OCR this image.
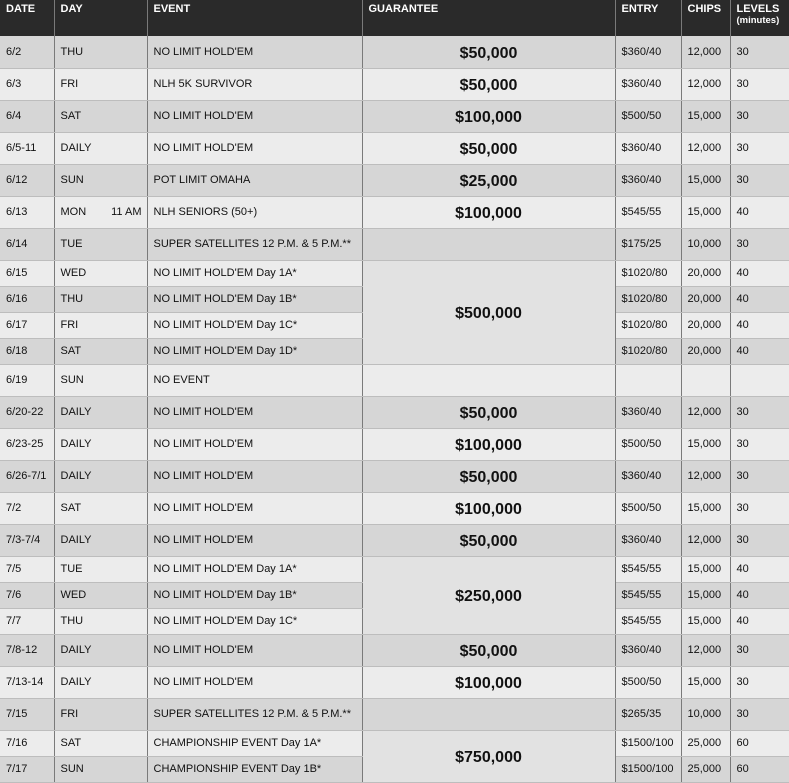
DATE	DAY	EVENT	GUARANTEE	ENTRY	CHIPS	LEVELS
(minutes)
6/2	THU	NO LIMIT HOLD'EM	$50,000	$360/40	12,000	30
6/3	FRI	NLH 5K SURVIVOR	$50,000	$360/40	12,000	30
6/4	SAT	NO LIMIT HOLD'EM	$100,000	$500/50	15,000	30
6/5-11	DAILY	NO LIMIT HOLD'EM	$50,000	$360/40	12,000	30
6/12	SUN	POT LIMIT OMAHA	$25,000	$360/40	15,000	30
6/13	MON 11 AM	NLH SENIORS (50+)	$100,000	$545/55	15,000	40
6/14	TUE	SUPER SATELLITES 12 P.M. & 5 P.M.**		$175/25	10,000	30
6/15	WED	NO LIMIT HOLD'EM Day 1A*	$500,000	$1020/80	20,000	40
6/16	THU	NO LIMIT HOLD'EM Day 1B*		$1020/80	20,000	40
6/17	FRI	NO LIMIT HOLD'EM Day 1C*		$1020/80	20,000	40
6/18	SAT	NO LIMIT HOLD'EM Day 1D*		$1020/80	20,000	40
6/19	SUN	NO EVENT				
6/20-22	DAILY	NO LIMIT HOLD'EM	$50,000	$360/40	12,000	30
6/23-25	DAILY	NO LIMIT HOLD'EM	$100,000	$500/50	15,000	30
6/26-7/1	DAILY	NO LIMIT HOLD'EM	$50,000	$360/40	12,000	30
7/2	SAT	NO LIMIT HOLD'EM	$100,000	$500/50	15,000	30
7/3-7/4	DAILY	NO LIMIT HOLD'EM	$50,000	$360/40	12,000	30
7/5	TUE	NO LIMIT HOLD'EM Day 1A*	$250,000	$545/55	15,000	40
7/6	WED	NO LIMIT HOLD'EM Day 1B*		$545/55	15,000	40
7/7	THU	NO LIMIT HOLD'EM Day 1C*		$545/55	15,000	40
7/8-12	DAILY	NO LIMIT HOLD'EM	$50,000	$360/40	12,000	30
7/13-14	DAILY	NO LIMIT HOLD'EM	$100,000	$500/50	15,000	30
7/15	FRI	SUPER SATELLITES 12 P.M. & 5 P.M.**		$265/35	10,000	30
7/16	SAT	CHAMPIONSHIP EVENT Day 1A*	$750,000	$1500/100	25,000	60
7/17	SUN	CHAMPIONSHIP EVENT Day 1B*		$1500/100	25,000	60
